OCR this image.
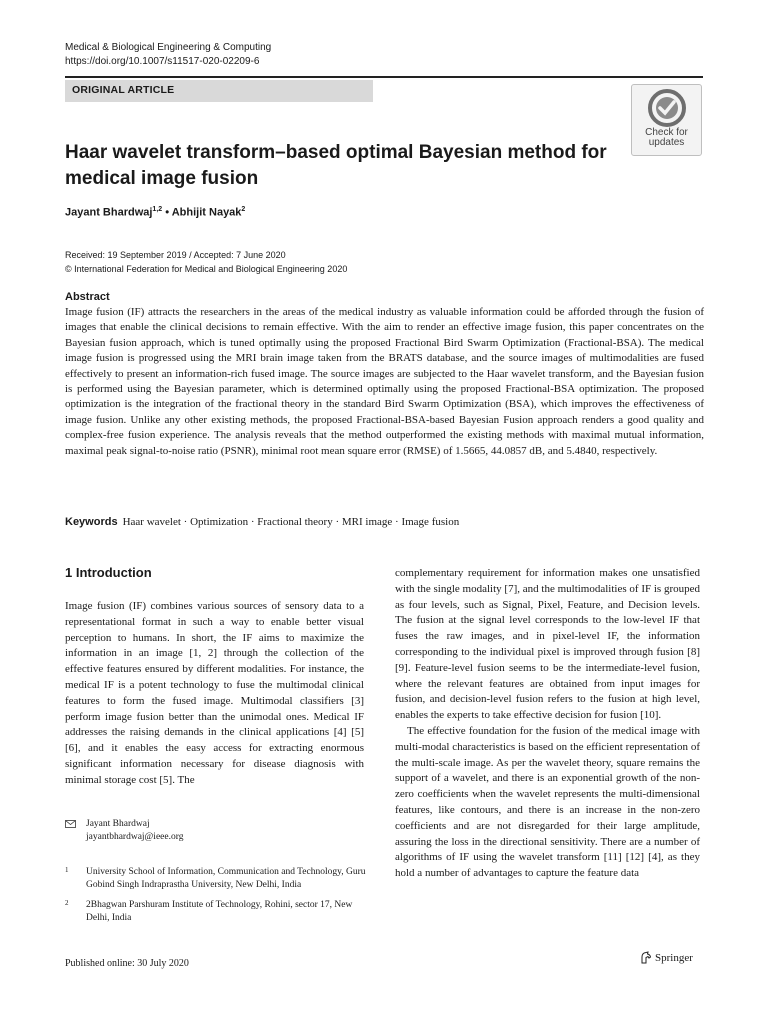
Medical & Biological Engineering & Computing
https://doi.org/10.1007/s11517-020-02209-6
ORIGINAL ARTICLE
Check for
updates
Haar wavelet transform–based optimal Bayesian method for medical image fusion
Jayant Bhardwaj$^{1,2}$ • Abhijit Nayak$^2$
Received: 19 September 2019 / Accepted: 7 June 2020
© International Federation for Medical and Biological Engineering 2020
Abstract
Image fusion (IF) attracts the researchers in the areas of the medical industry as valuable information could be afforded through the fusion of images that enable the clinical decisions to remain effective. With the aim to render an effective image fusion, this paper concentrates on the Bayesian fusion approach, which is tuned optimally using the proposed Fractional Bird Swarm Optimization (Fractional-BSA). The medical image fusion is progressed using the MRI brain image taken from the BRATS database, and the source images of multimodalities are fused effectively to present an information-rich fused image. The source images are subjected to the Haar wavelet transform, and the Bayesian fusion is performed using the Bayesian parameter, which is determined optimally using the proposed Fractional-BSA optimization. The proposed optimization is the integration of the fractional theory in the standard Bird Swarm Optimization (BSA), which improves the effectiveness of image fusion. Unlike any other existing methods, the proposed Fractional-BSA-based Bayesian Fusion approach renders a good quality and complex-free fusion experience. The analysis reveals that the method outperformed the existing methods with maximal mutual information, maximal peak signal-to-noise ratio (PSNR), minimal root mean square error (RMSE) of 1.5665, 44.0857 dB, and 5.4840, respectively.
Keywords Haar wavelet · Optimization · Fractional theory · MRI image · Image fusion
1 Introduction

Image fusion (IF) combines various sources of sensory data to a representational format in such a way to enable better visual perception to humans. In short, the IF aims to maximize the information in an image [1, 2] through the collection of the effective features ensured by different modalities. For instance, the medical IF is a potent technology to fuse the multimodal clinical features to form the fused image. Multimodal classifiers [3] perform image fusion better than the unimodal ones. Medical IF addresses the raising demands in the clinical applications [4] [5] [6], and it enables the easy access for extracting enormous significant information necessary for disease diagnosis with minimal storage cost [5]. The

complementary requirement for information makes one unsatisfied with the single modality [7], and the multimodalities of IF is grouped as four levels, such as Signal, Pixel, Feature, and Decision levels. The fusion at the signal level corresponds to the low-level IF that fuses the raw images, and in pixel-level IF, the information corresponding to the individual pixel is improved through fusion [8] [9]. Feature-level fusion seems to be the intermediate-level fusion, where the relevant features are obtained from input images for fusion, and decision-level fusion refers to the fusion at high level, enables the experts to take effective decision for fusion [10].

The effective foundation for the fusion of the medical image with multi-modal characteristics is based on the efficient representation of the multi-scale image. As per the wavelet theory, square remains the support of a wavelet, and there is an exponential growth of the non-zero coefficients when the wavelet represents the multi-dimensional features, like contours, and there is an increase in the non-zero coefficients and are not disregarded for their large amplitude, assuring the loss in the directional sensitivity. There are a number of algorithms of IF using the wavelet transform [11] [12] [4], as they hold a number of advantages to capture the feature data

Jayant Bhardwaj
jayantbhardwaj@ieee.org
1 University School of Information, Communication and Technology, Guru Gobind Singh Indraprastha University, New Delhi, India
2 2Bhagwan Parshuram Institute of Technology, Rohini, sector 17, New Delhi, India
Published online: 30 July 2020	Springer
